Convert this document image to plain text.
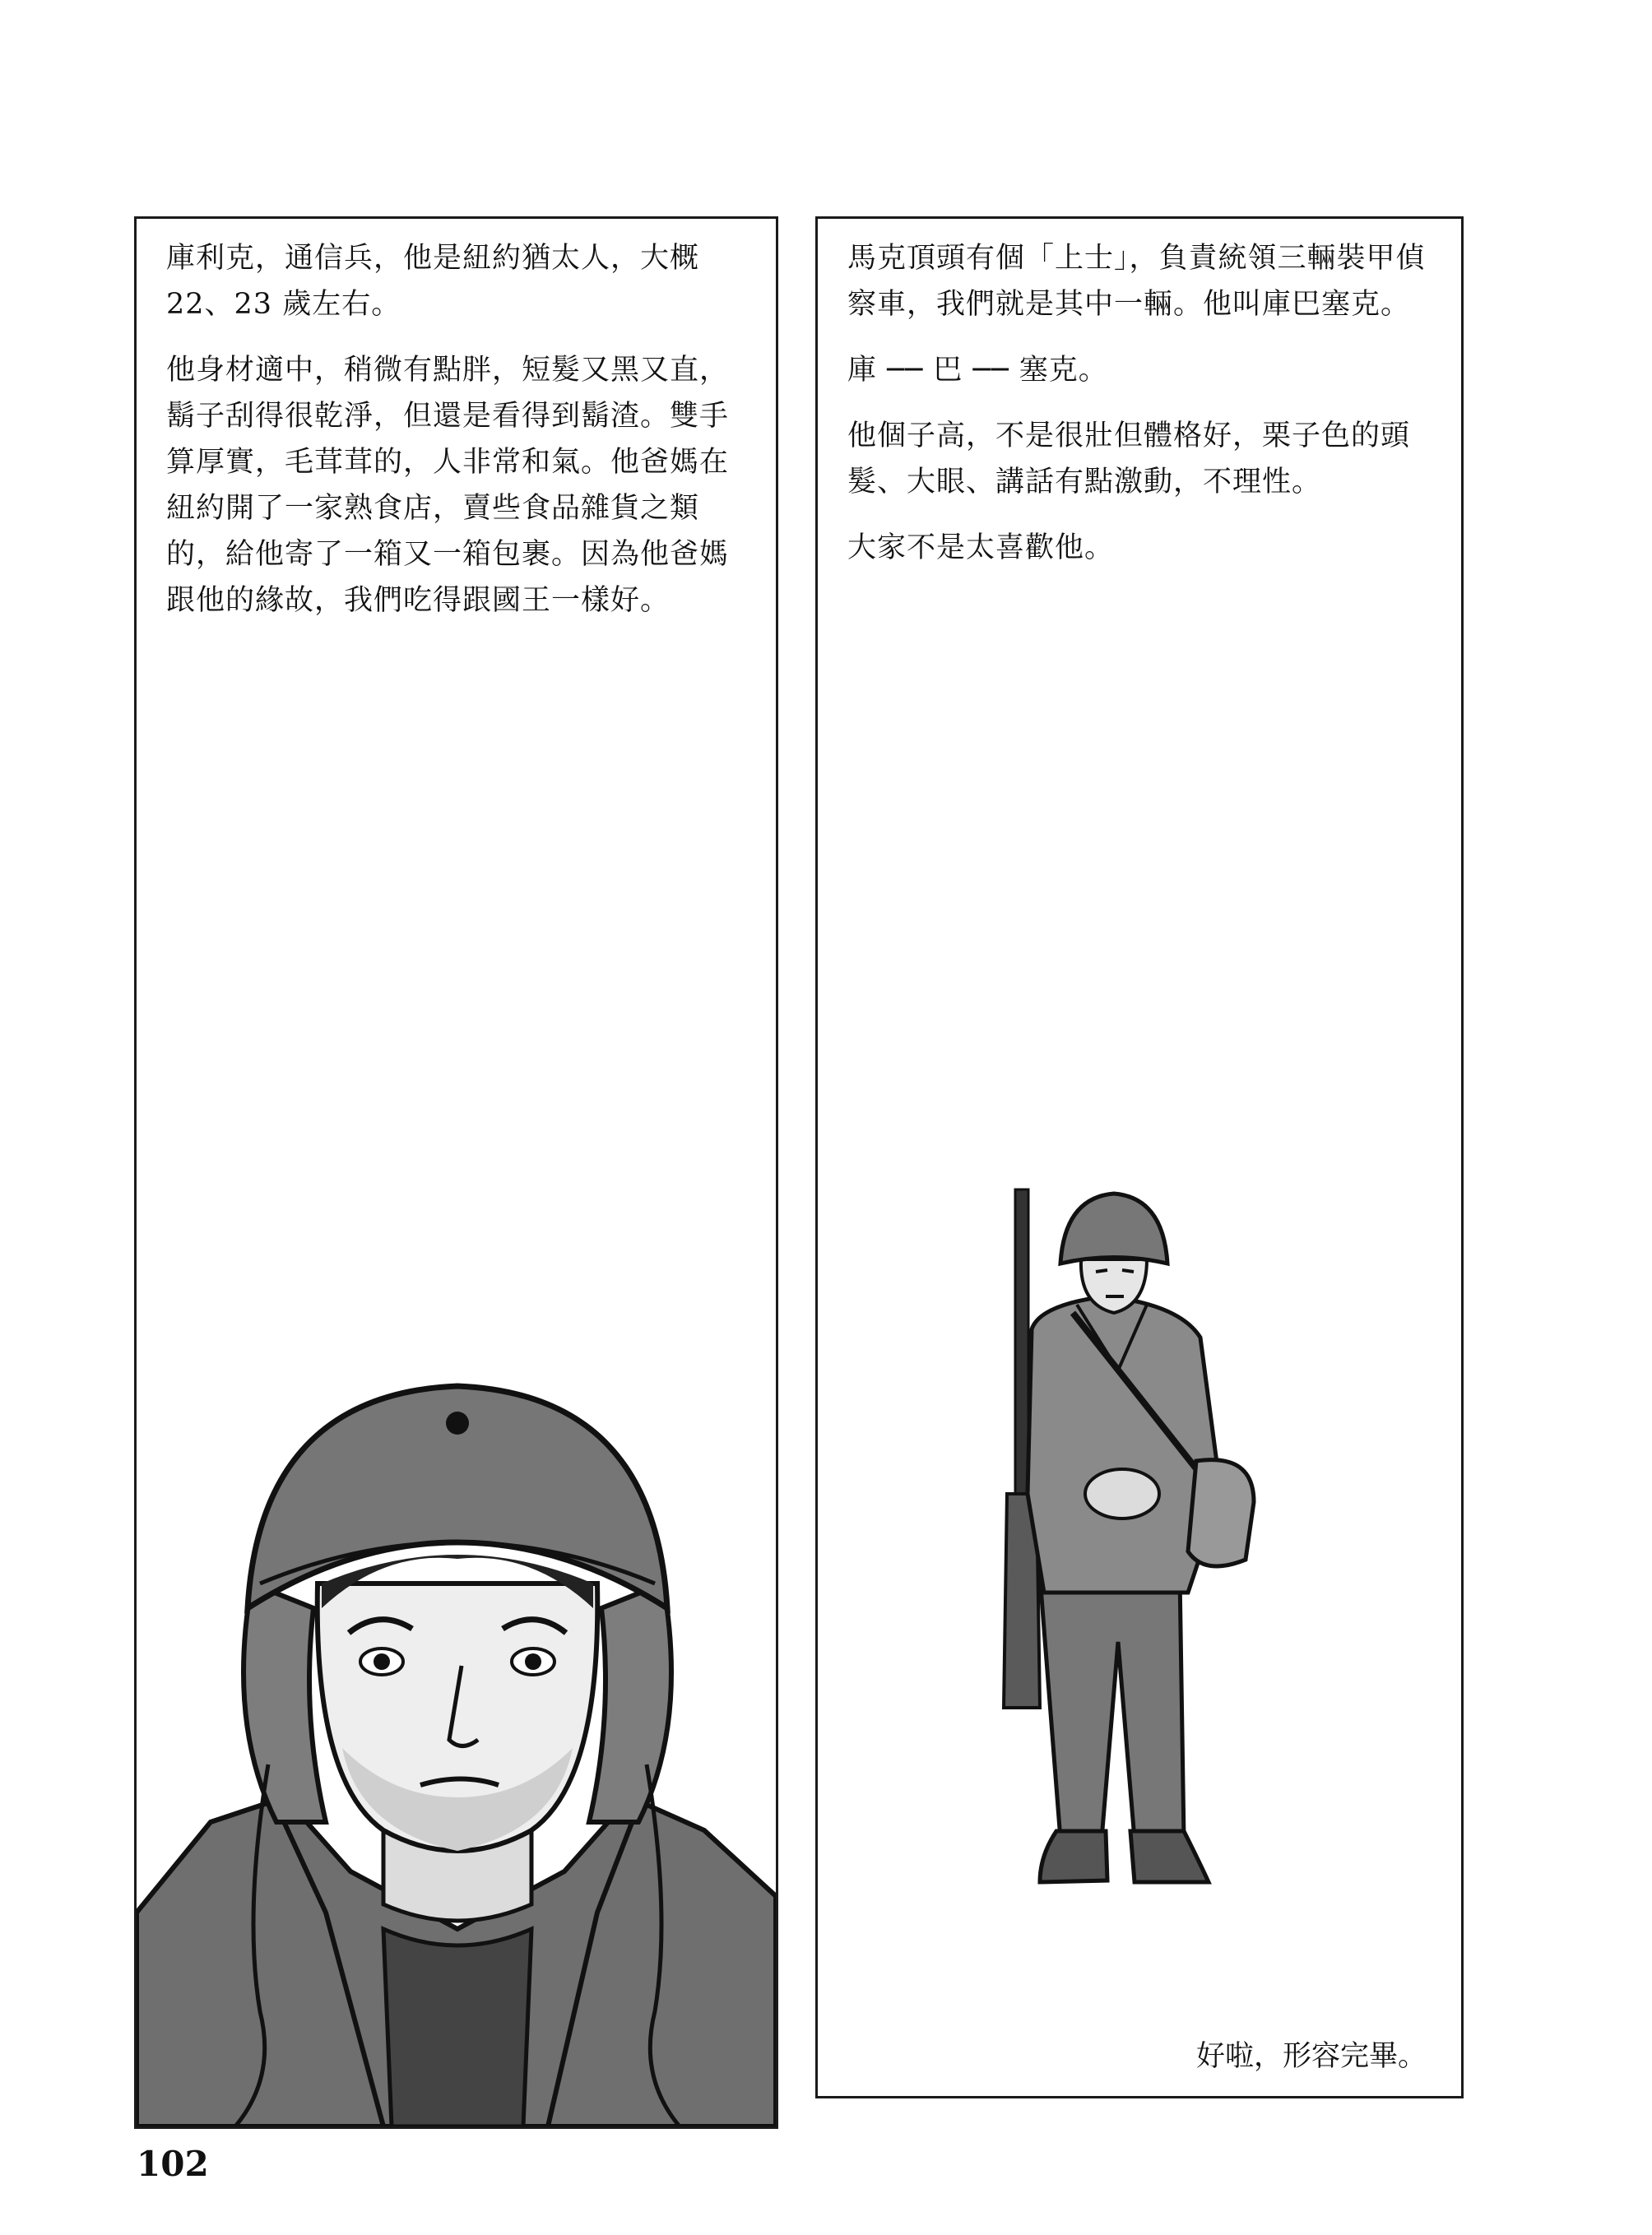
庫利克，通信兵，他是紐約猶太人，大概22、23 歲左右。

他身材適中，稍微有點胖，短髮又黑又直，鬍子刮得很乾淨，但還是看得到鬍渣。雙手算厚實，毛茸茸的，人非常和氣。他爸媽在紐約開了一家熟食店，賣些食品雜貨之類的，給他寄了一箱又一箱包裹。因為他爸媽跟他的緣故，我們吃得跟國王一樣好。

馬克頂頭有個「上士」，負責統領三輛裝甲偵察車，我們就是其中一輛。他叫庫巴塞克。

庫 ── 巴 ── 塞克。

他個子高，不是很壯但體格好，栗子色的頭髮、大眼、講話有點激動，不理性。

大家不是太喜歡他。

好啦，形容完畢。
102
